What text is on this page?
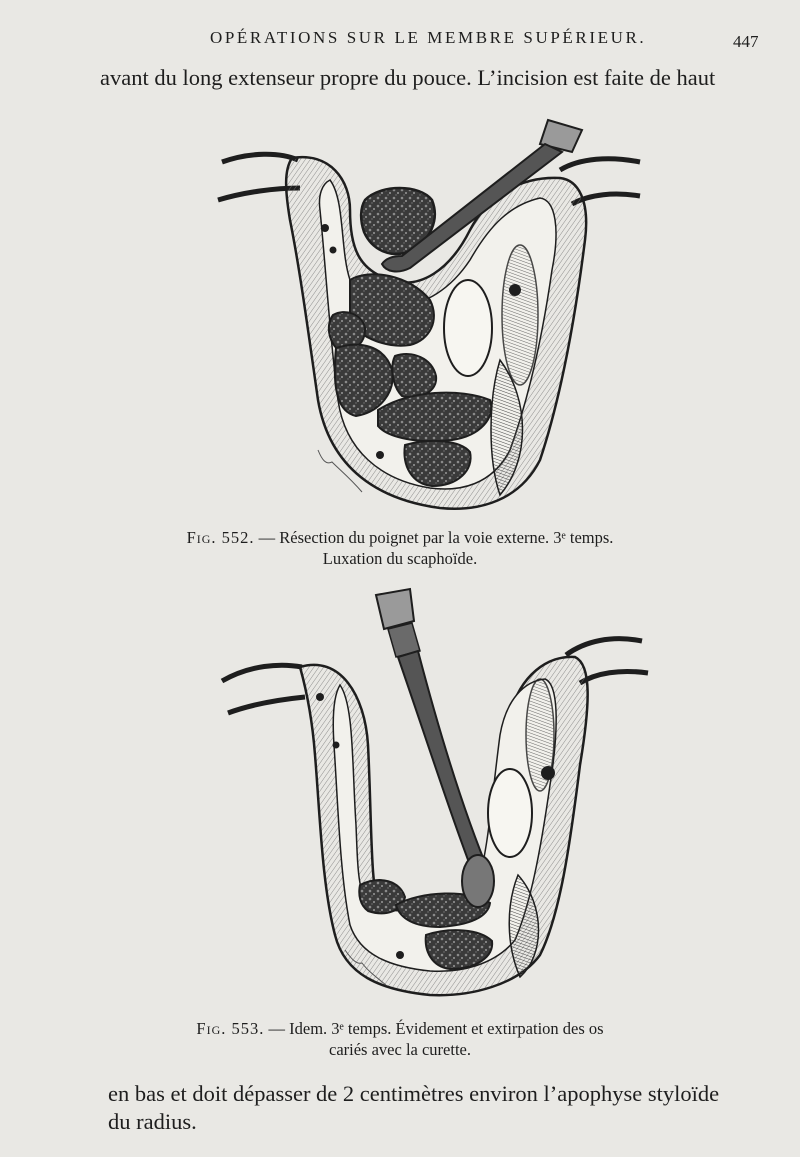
OPÉRATIONS SUR LE MEMBRE SUPÉRIEUR.	447
avant du long extenseur propre du pouce. L’incision est faite de haut
Fig. 552. — Résection du poignet par la voie externe. 3ᵉ temps.
Luxation du scaphoïde.
Fig. 553. — Idem. 3ᵉ temps. Évidement et extirpation des os
cariés avec la curette.
en bas et doit dépasser de 2 centimètres environ l’apophyse styloïde
du radius.
